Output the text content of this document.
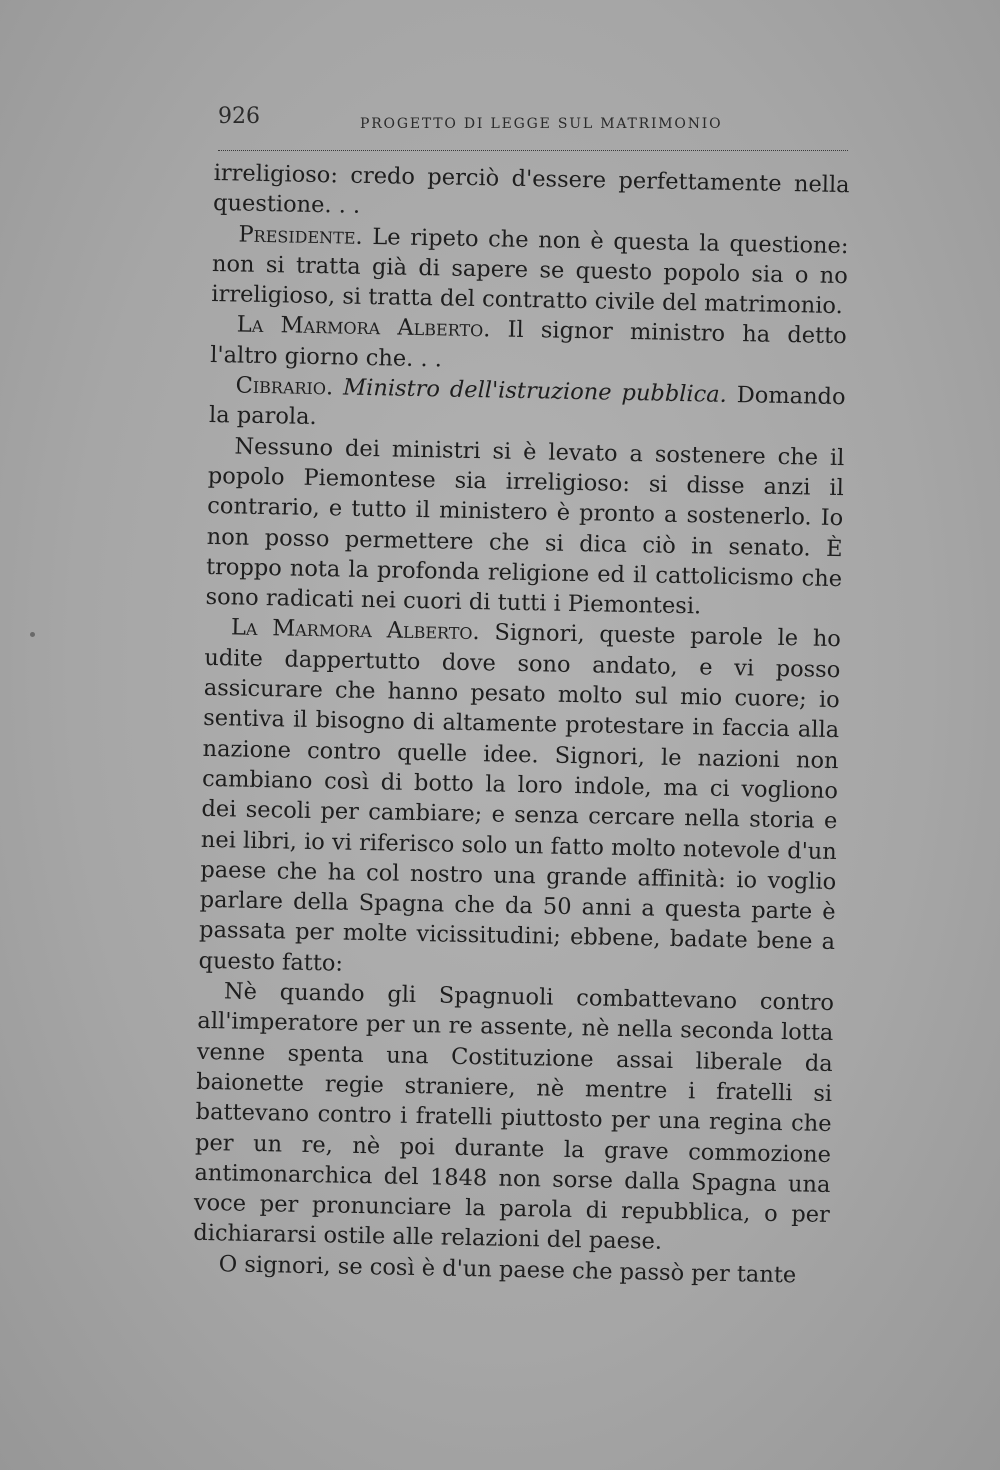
926	PROGETTO DI LEGGE SUL MATRIMONIO

irreligioso: credo perciò d'essere perfettamente nella questione. . .

Presidente. Le ripeto che non è questa la questione: non si tratta già di sapere se questo popolo sia o no irreligioso, si tratta del contratto civile del matrimonio.

La Marmora Alberto. Il signor ministro ha detto l'altro giorno che. . .

Cibrario. Ministro dell'istruzione pubblica. Domando la parola.

Nessuno dei ministri si è levato a sostenere che il popolo Piemontese sia irreligioso: si disse anzi il contrario, e tutto il ministero è pronto a sostenerlo. Io non posso permettere che si dica ciò in senato. È troppo nota la profonda religione ed il cattolicismo che sono radicati nei cuori di tutti i Piemontesi.

La Marmora Alberto. Signori, queste parole le ho udite dappertutto dove sono andato, e vi posso assicurare che hanno pesato molto sul mio cuore; io sentiva il bisogno di altamente protestare in faccia alla nazione contro quelle idee. Signori, le nazioni non cambiano così di botto la loro indole, ma ci vogliono dei secoli per cambiare; e senza cercare nella storia e nei libri, io vi riferisco solo un fatto molto notevole d'un paese che ha col nostro una grande affinità: io voglio parlare della Spagna che da 50 anni a questa parte è passata per molte vicissitudini; ebbene, badate bene a questo fatto:

Nè quando gli Spagnuoli combattevano contro all'imperatore per un re assente, nè nella seconda lotta venne spenta una Costituzione assai liberale da baionette regie straniere, nè mentre i fratelli si battevano contro i fratelli piuttosto per una regina che per un re, nè poi durante la grave commozione antimonarchica del 1848 non sorse dalla Spagna una voce per pronunciare la parola di repubblica, o per dichiararsi ostile alle relazioni del paese.

O signori, se così è d'un paese che passò per tante
